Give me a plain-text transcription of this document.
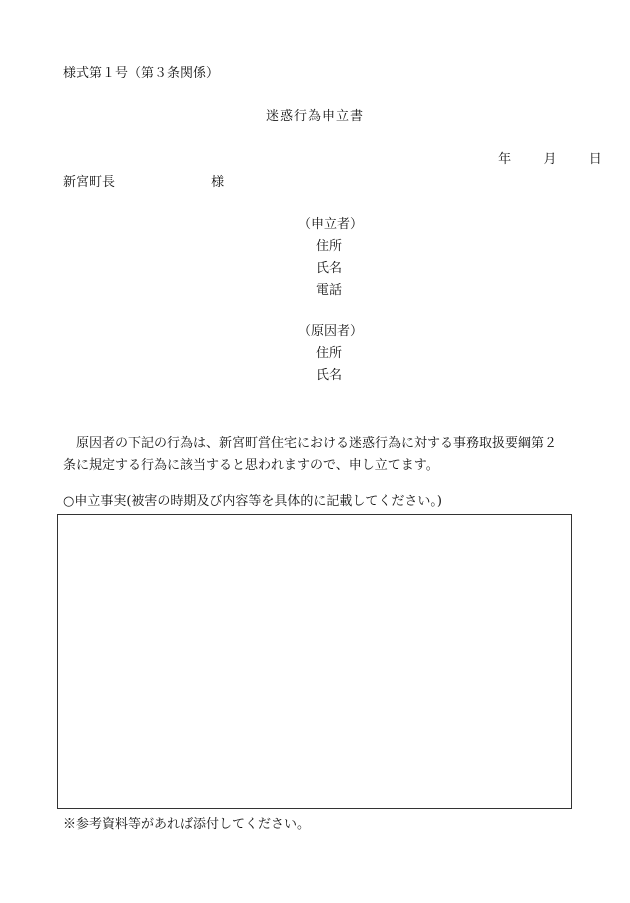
様式第１号（第３条関係）
迷惑行為申立書
年 月 日
新宮町長	様
（申立者）
住所
氏名
電話
（原因者）
住所
氏名
原因者の下記の行為は、新宮町営住宅における迷惑行為に対する事務取扱要綱第２
条に規定する行為に該当すると思われますので、申し立てます。
○申立事実(被害の時期及び内容等を具体的に記載してください。)
※参考資料等があれば添付してください。
